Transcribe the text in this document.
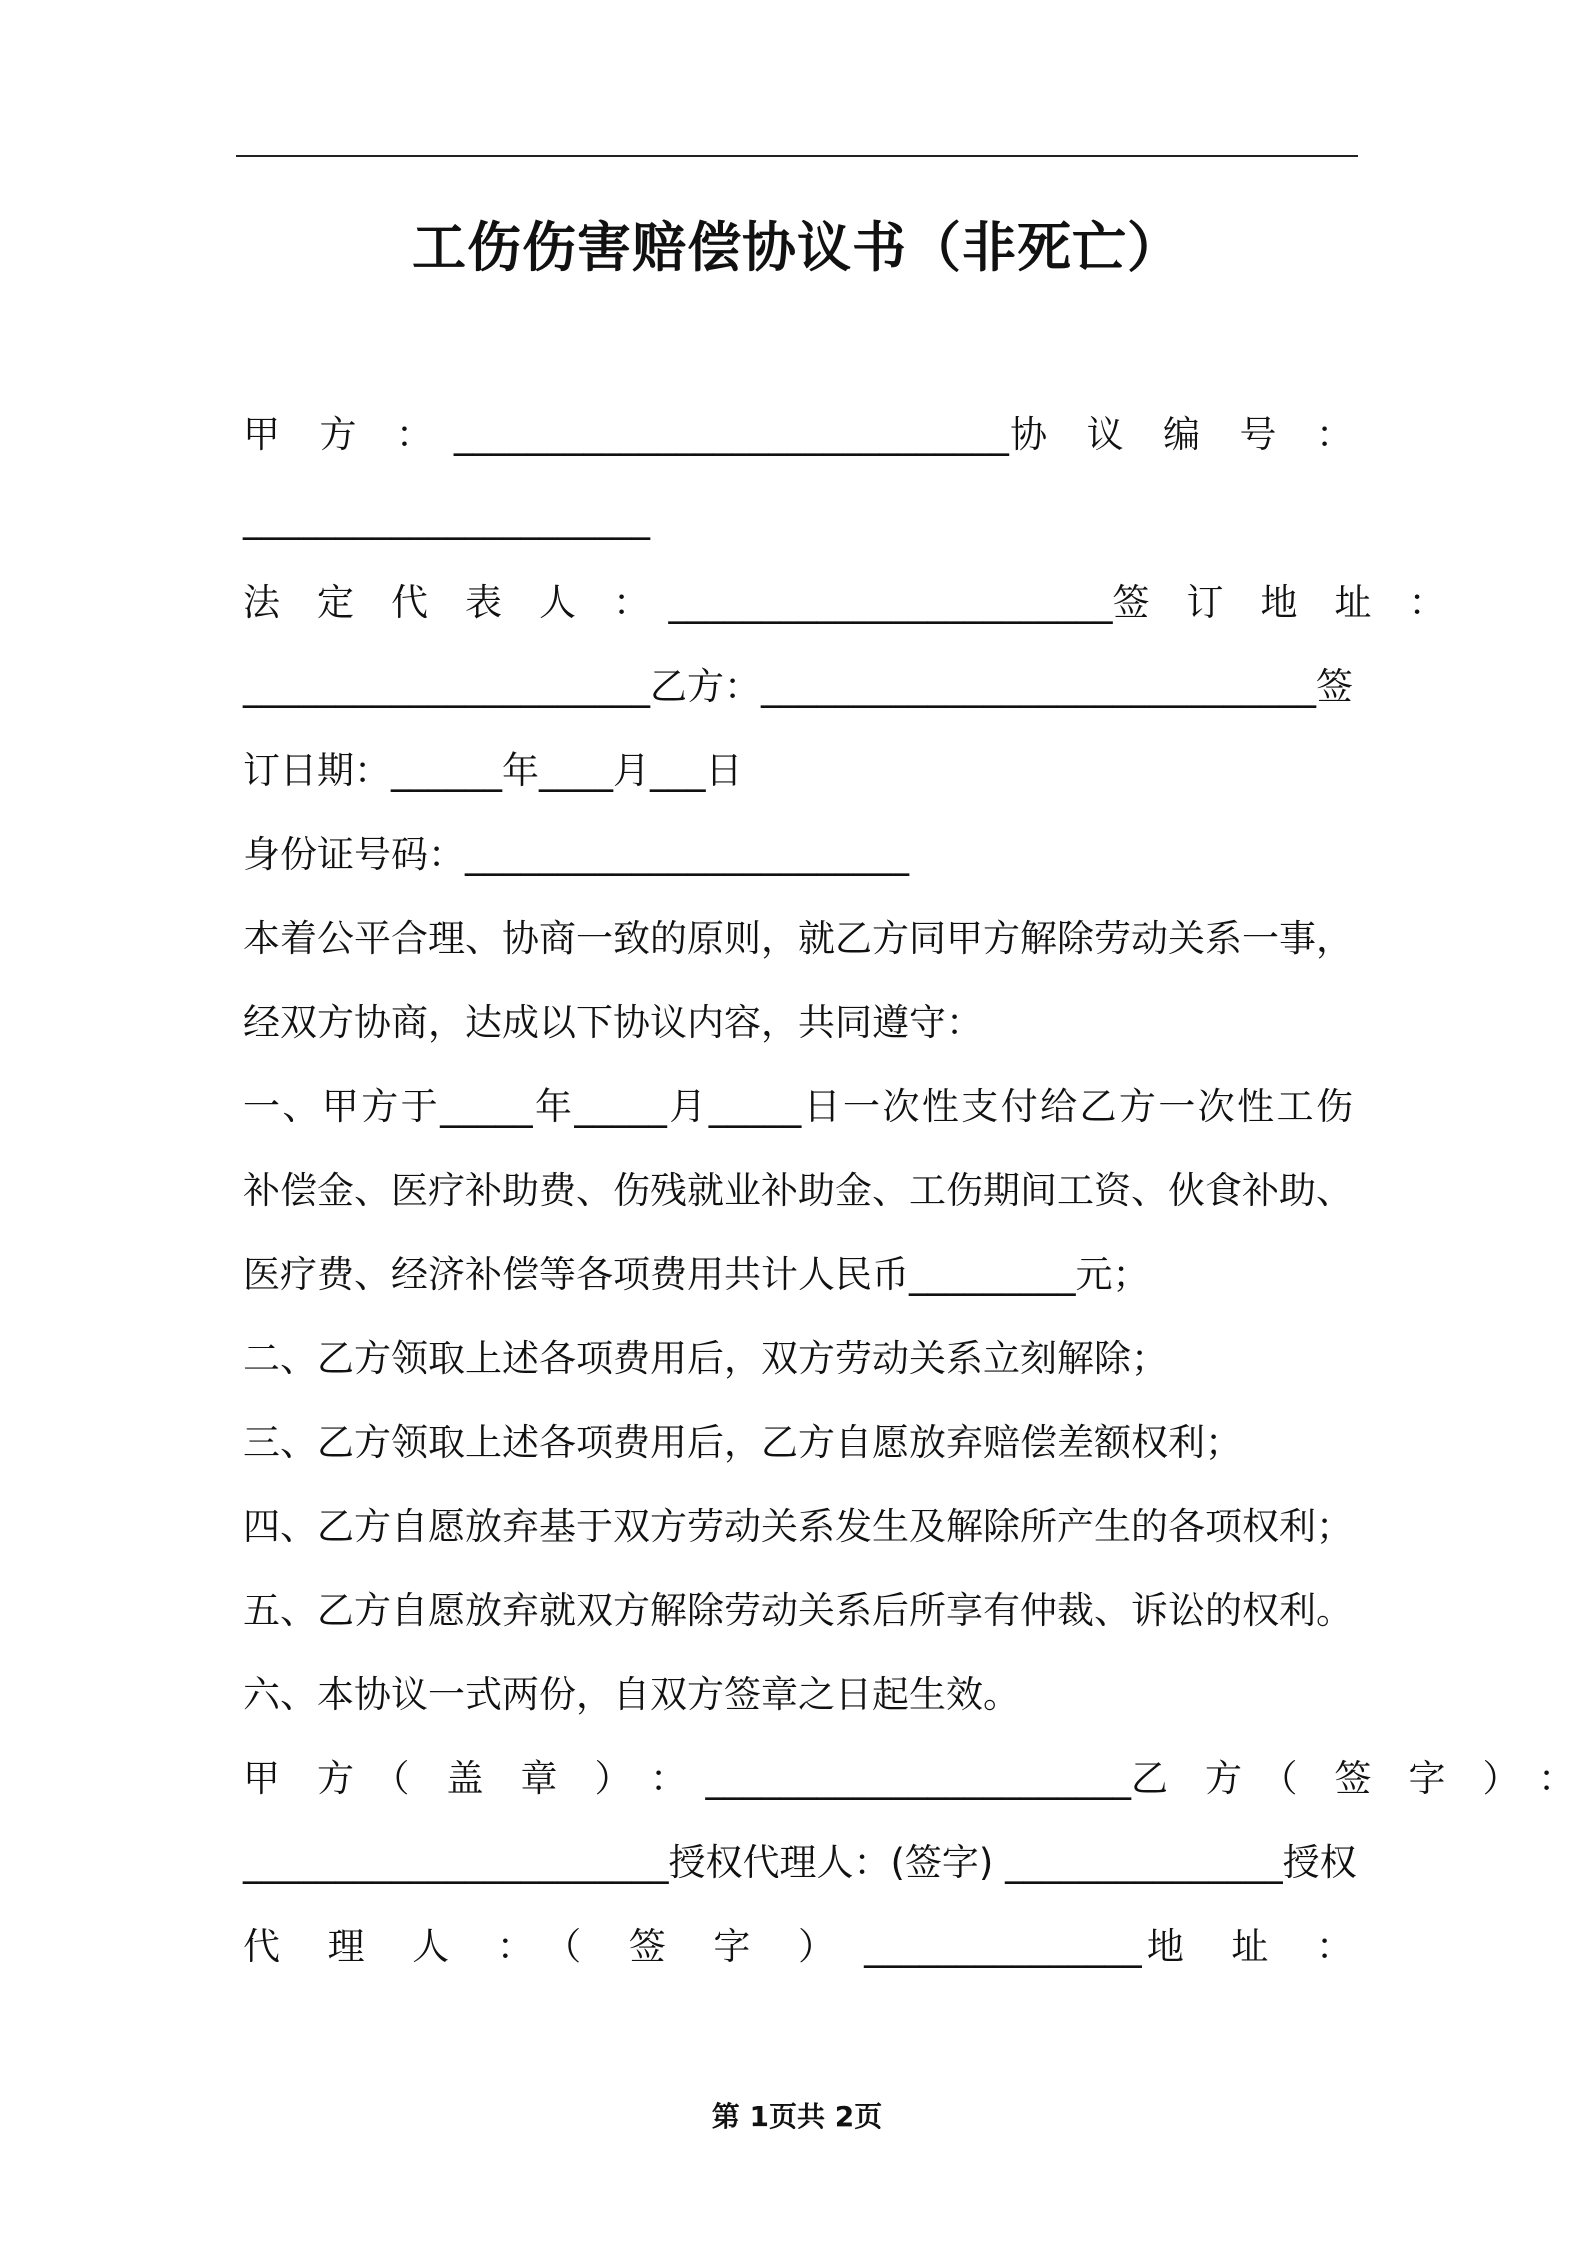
工伤伤害赔偿协议书（非死亡）
甲　方　：　______________________________协　议　编　号　：
______________________
法　定　代　表　人　：　________________________签　订　地　址　：
______________________乙方：______________________________签
订日期：______年____月___日
身份证号码：________________________
本着公平合理、协商一致的原则，就乙方同甲方解除劳动关系一事，
经双方协商，达成以下协议内容，共同遵守：
一、甲方于_____年_____月_____日一次性支付给乙方一次性工伤
补偿金、医疗补助费、伤残就业补助金、工伤期间工资、伙食补助、
医疗费、经济补偿等各项费用共计人民币_________元；
二、乙方领取上述各项费用后，双方劳动关系立刻解除；
三、乙方领取上述各项费用后，乙方自愿放弃赔偿差额权利；
四、乙方自愿放弃基于双方劳动关系发生及解除所产生的各项权利；
五、乙方自愿放弃就双方解除劳动关系后所享有仲裁、诉讼的权利。
六、本协议一式两份，自双方签章之日起生效。
甲　方　（　盖　章　）　：　_______________________乙　方　（　签　字　）　：
_______________________授权代理人：(签字) _______________授权
代　理　人　：　（　签　字　）　_______________地　址　：
第 1页共 2页
